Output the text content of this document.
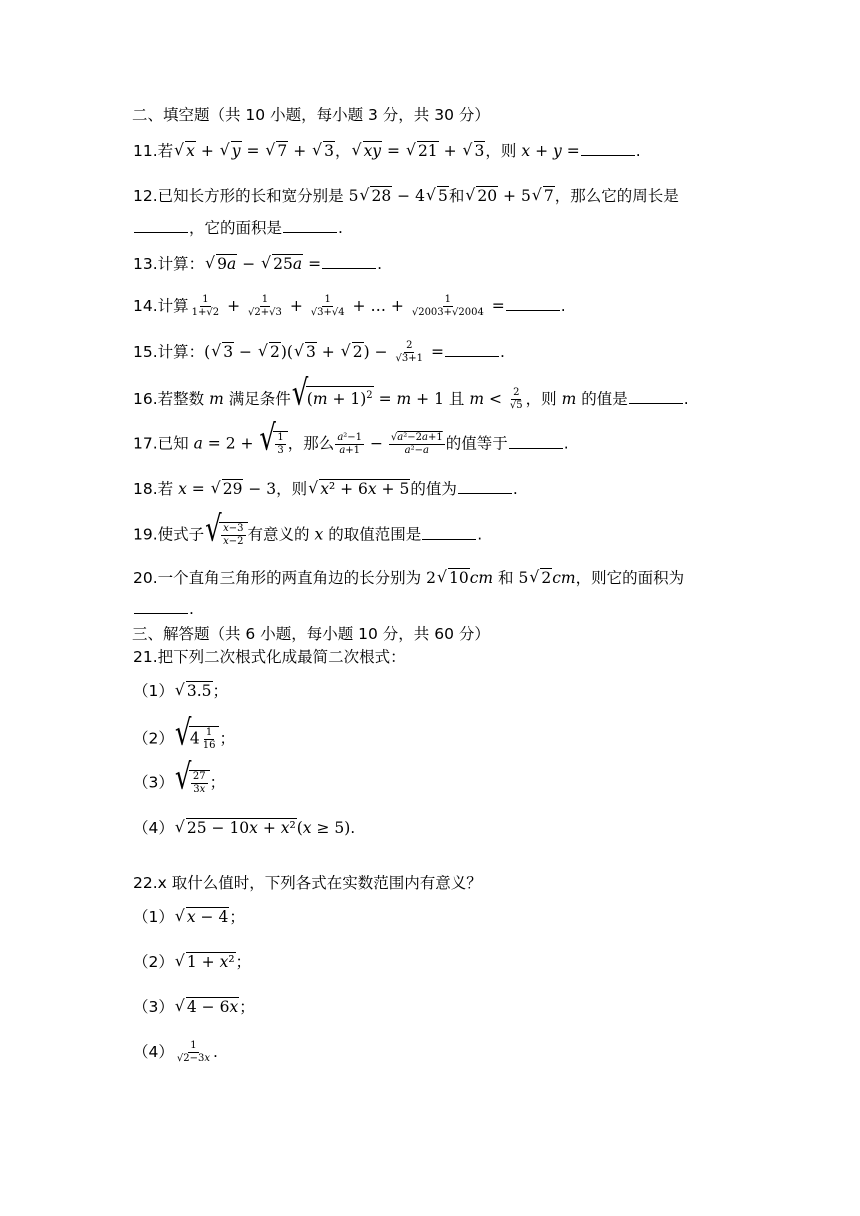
二、填空题（共 10 小题，每小题 3 分，共 30 分）
11.若 √ x + √ y = √ 7 + √ 3， √ xy = √ 21 + √ 3，则 x + y =	.
12.已知长方形的长和宽分别是 5 √ 28 − 4 √ 5和 √ 20 + 5 √ 7，那么它的周长是
，它的面积是	.
13.计算： √ 9a − √ 25a =	.
14.计算 $\frac{1}{1+√2} + \frac{1}{√2+√3} + \frac{1}{√3+√4}$ + … + $\frac{1}{√2003+√2004}$ =	.
15.计算：( √ 3 − √ 2)( √ 3 + √ $2) - \frac{2}{√3+1}$ =	.
16.若整数 m 满足条件 √ $(m + 1)^2 = m + 1$ 且 $m < \frac{2}{√5}$ ，则 m 的值是	.
17.已知 a = 2 + √ $\frac{1}{3}$ ，那么 $\frac{\text{a²−1}}{a+1} - \frac{\text{√a²−2a+1}}{\text{a²−a}}$ 的值等于	.
18.若 x = √ 29 − 3，则 √ x² + 6x + 5的值为	.
19.使式子 √ $\frac{x-3}{x-2}$ 有意义的 x 的取值范围是	.
20.一个直角三角形的两直角边的长分别为 2 √ 10cm 和 5 √ 2cm，则它的面积为
.
三、解答题（共 6 小题，每小题 10 分，共 60 分）
21.把下列二次根式化成最简二次根式：
（1） √ 3.5；
（2） √ $4 \frac{1}{16}$ ；
（3） √ $\frac{27}{3x}$ ；
（4） √ 25 − 10x + x²(x ≥ 5).
22.x 取什么值时，下列各式在实数范围内有意义？
（1） √ x − 4；
（2） √ 1 + x²；
（3） √ 4 − 6x；
$(4) \frac{1}{√2-3x}$ .
